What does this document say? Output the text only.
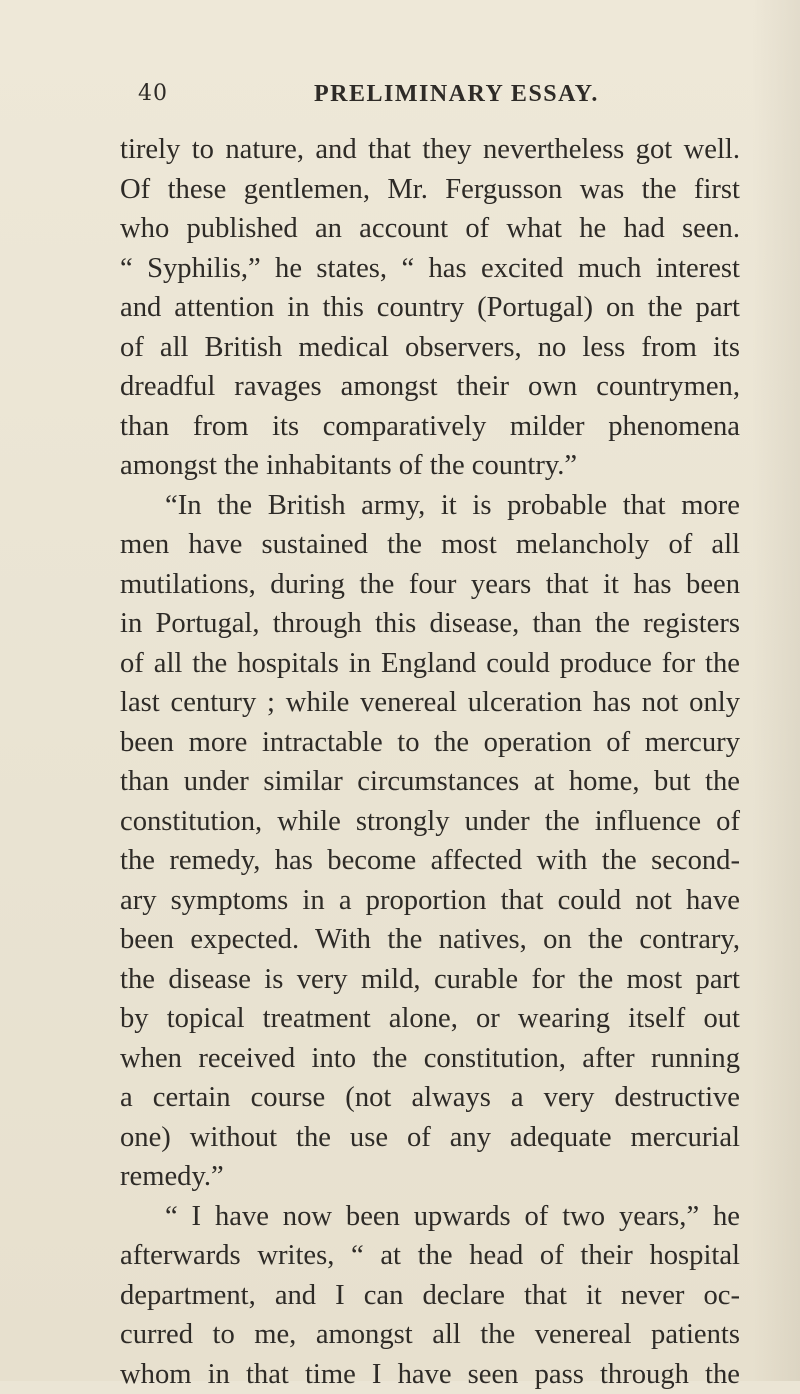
40	PRELIMINARY ESSAY.
tirely to nature, and that they nevertheless got well.
Of these gentlemen, Mr. Fergusson was the first
who published an account of what he had seen.
“ Syphilis,” he states, “ has excited much interest
and attention in this country (Portugal) on the part
of all British medical observers, no less from its
dreadful ravages amongst their own countrymen,
than from its comparatively milder phenomena
amongst the inhabitants of the country.”
“In the British army, it is probable that more
men have sustained the most melancholy of all
mutilations, during the four years that it has been
in Portugal, through this disease, than the registers
of all the hospitals in England could produce for the
last century ; while venereal ulceration has not only
been more intractable to the operation of mercury
than under similar circumstances at home, but the
constitution, while strongly under the influence of
the remedy, has become affected with the second-
ary symptoms in a proportion that could not have
been expected. With the natives, on the contrary,
the disease is very mild, curable for the most part
by topical treatment alone, or wearing itself out
when received into the constitution, after running
a certain course (not always a very destructive
one) without the use of any adequate mercurial
remedy.”
“ I have now been upwards of two years,” he
afterwards writes, “ at the head of their hospital
department, and I can declare that it never oc-
curred to me, amongst all the venereal patients
whom in that time I have seen pass through the
